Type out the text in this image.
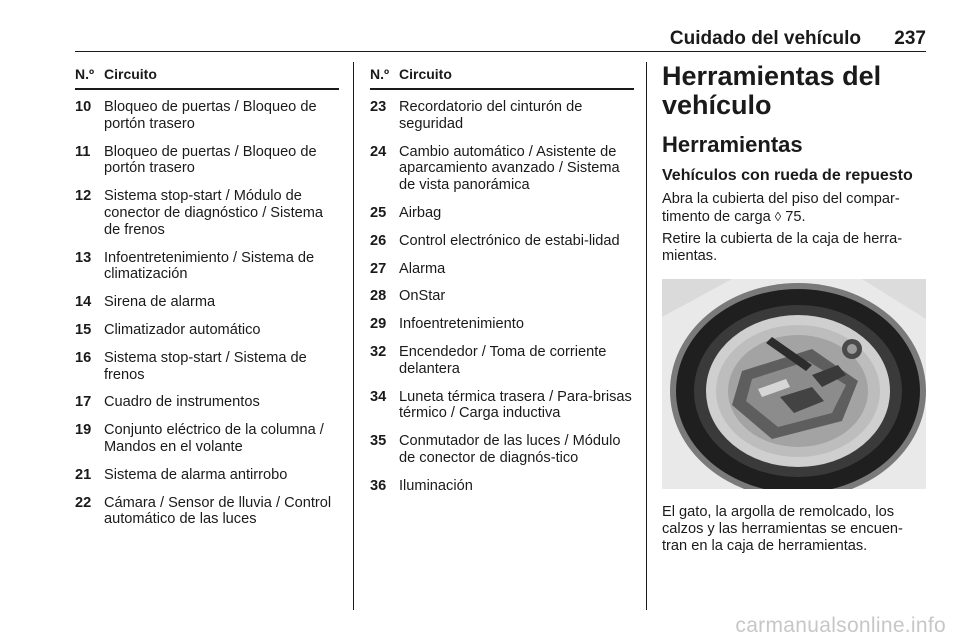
Cuidado del vehículo 237
N.º Circuito
10 Bloqueo de puertas / Bloqueo de portón trasero
11 Bloqueo de puertas / Bloqueo de portón trasero
12 Sistema stop-start / Módulo de conector de diagnóstico / Sistema de frenos
13 Infoentretenimiento / Sistema de climatización
14 Sirena de alarma
15 Climatizador automático
16 Sistema stop-start / Sistema de frenos
17 Cuadro de instrumentos
19 Conjunto eléctrico de la columna / Mandos en el volante
21 Sistema de alarma antirrobo
22 Cámara / Sensor de lluvia / Control automático de las luces
N.º Circuito
23 Recordatorio del cinturón de seguridad
24 Cambio automático / Asistente de aparcamiento avanzado / Sistema de vista panorámica
25 Airbag
26 Control electrónico de estabi-lidad
27 Alarma
28 OnStar
29 Infoentretenimiento
32 Encendedor / Toma de corriente delantera
34 Luneta térmica trasera / Para-brisas térmico / Carga inductiva
35 Conmutador de las luces / Módulo de conector de diagnós-tico
36 Iluminación
Herramientas del vehículo
Herramientas
Vehículos con rueda de repuesto
Abra la cubierta del piso del compar-timento de carga ◊ 75.
Retire la cubierta de la caja de herra-mientas.
El gato, la argolla de remolcado, los calzos y las herramientas se encuen-tran en la caja de herramientas.
carmanualsonline.info
